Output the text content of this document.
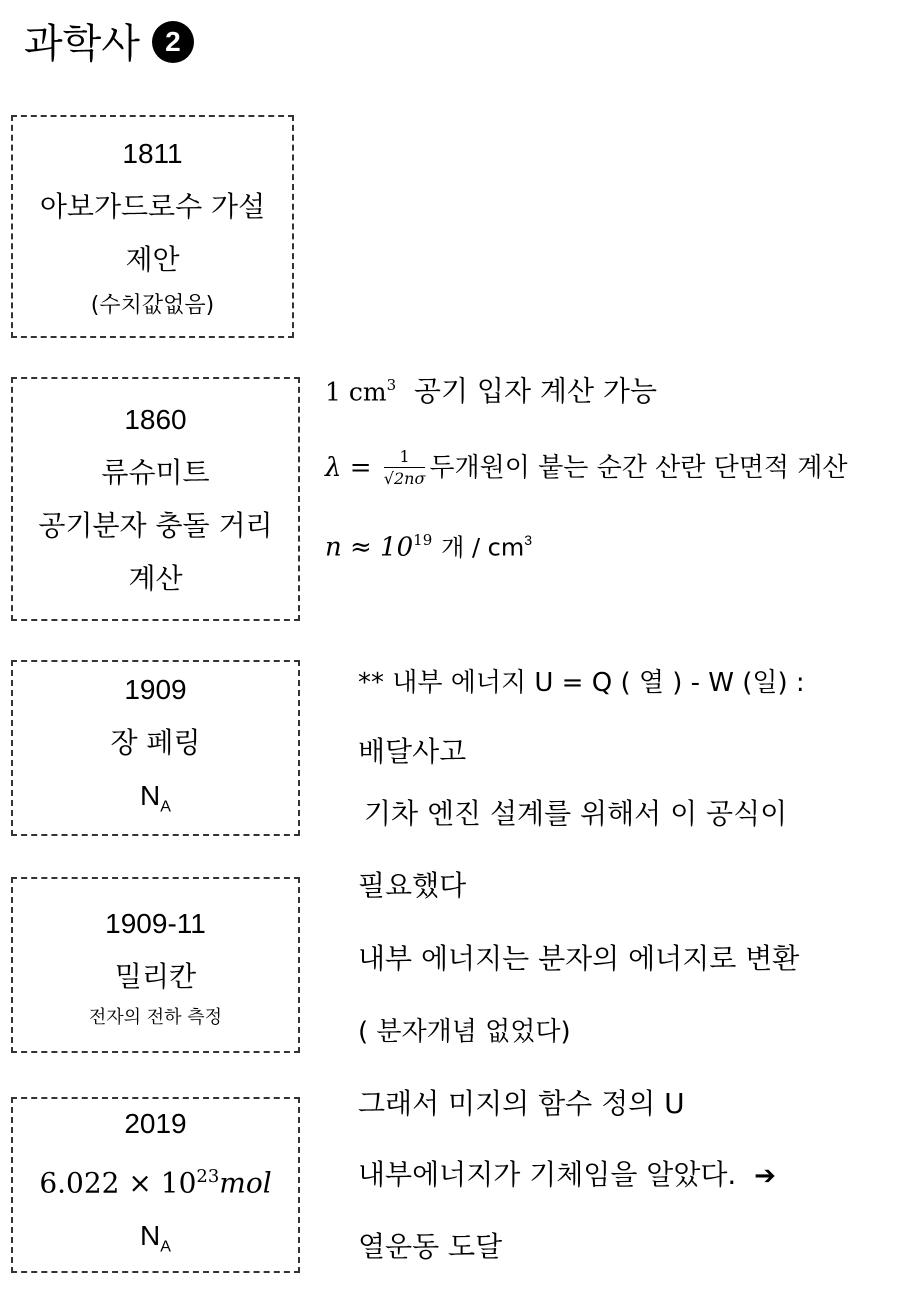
과학사 2
1811
아보가드로수 가설
제안
(수치값없음)
1860
류슈미트
공기분자 충돌 거리
계산
1909
장 페링
$N_A$
1909-11
밀리칸
전자의 전하 측정
2019
$6.022 \times 10^{23}mol$
$N_A$
1 $cm^3$ 공기 입자 계산 가능
$\lambda = \frac{1}{√2n\sigma}$ 두개원이 붙는 순간 산란 단면적 계산
$n \approx 10^{19}$ 개 / $cm^3$
** 내부 에너지 U = Q ( 열 ) - W (일) :
배달사고
기차 엔진 설계를 위해서 이 공식이
필요했다
내부 에너지는 분자의 에너지로 변환
( 분자개념 없었다)
그래서 미지의 함수 정의 U
내부에너지가 기체임을 알았다. ➔
열운동 도달
